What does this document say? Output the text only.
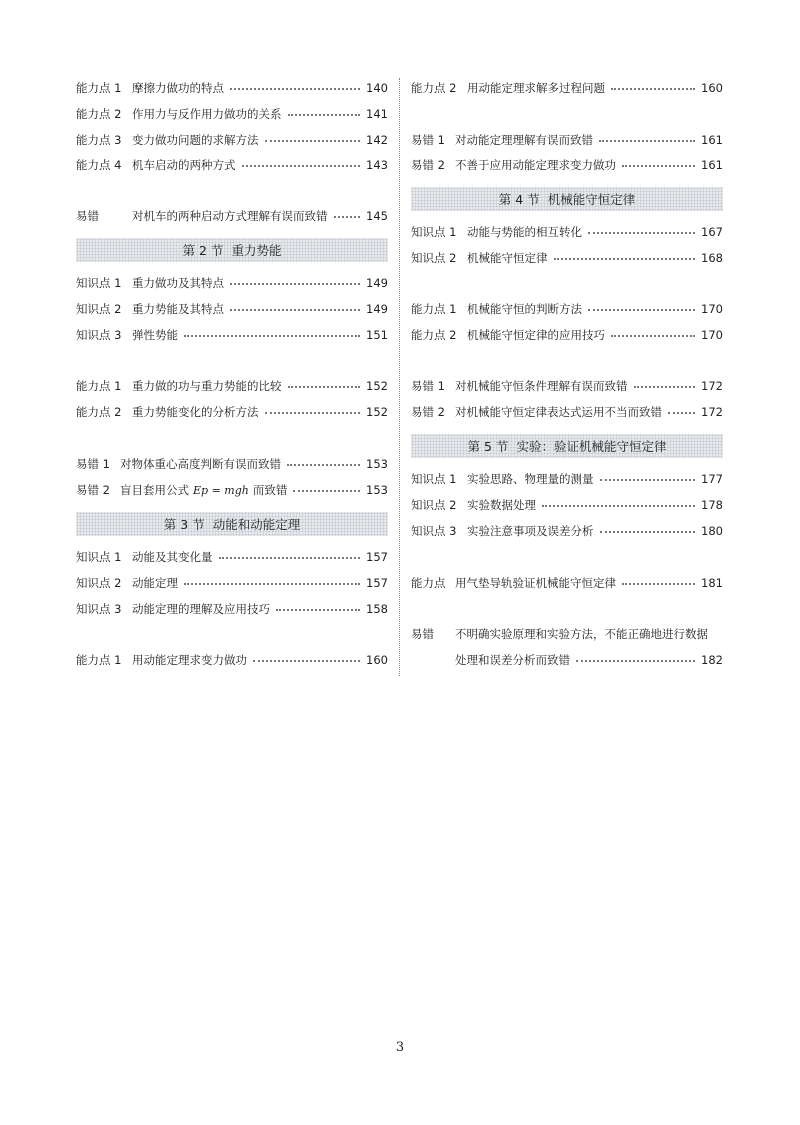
能力点 1 摩擦力做功的特点	140
能力点 2 作用力与反作用力做功的关系	141
能力点 3 变力做功问题的求解方法	142
能力点 4 机车启动的两种方式	143
易错	对机车的两种启动方式理解有误而致错	145
第 2 节 重力势能
知识点 1 重力做功及其特点	149
知识点 2 重力势能及其特点	149
知识点 3 弹性势能	151
能力点 1 重力做的功与重力势能的比较	152
能力点 2 重力势能变化的分析方法	152
易错 1 对物体重心高度判断有误而致错	153
易错 2 盲目套用公式 Ep = mgh 而致错	153
第 3 节 动能和动能定理
知识点 1 动能及其变化量	157
知识点 2 动能定理	157
知识点 3 动能定理的理解及应用技巧	158
能力点 1 用动能定理求变力做功	160
能力点 2 用动能定理求解多过程问题	160
易错 1 对动能定理理解有误而致错	161
易错 2 不善于应用动能定理求变力做功	161
第 4 节 机械能守恒定律
知识点 1 动能与势能的相互转化	167
知识点 2 机械能守恒定律	168
能力点 1 机械能守恒的判断方法	170
能力点 2 机械能守恒定律的应用技巧	170
易错 1 对机械能守恒条件理解有误而致错	172
易错 2 对机械能守恒定律表达式运用不当而致错	172
第 5 节 实验：验证机械能守恒定律
知识点 1 实验思路、物理量的测量	177
知识点 2 实验数据处理	178
知识点 3 实验注意事项及误差分析	180
能力点 用气垫导轨验证机械能守恒定律	181
易错	不明确实验原理和实验方法，不能正确地进行数据
处理和误差分析而致错	182
3
